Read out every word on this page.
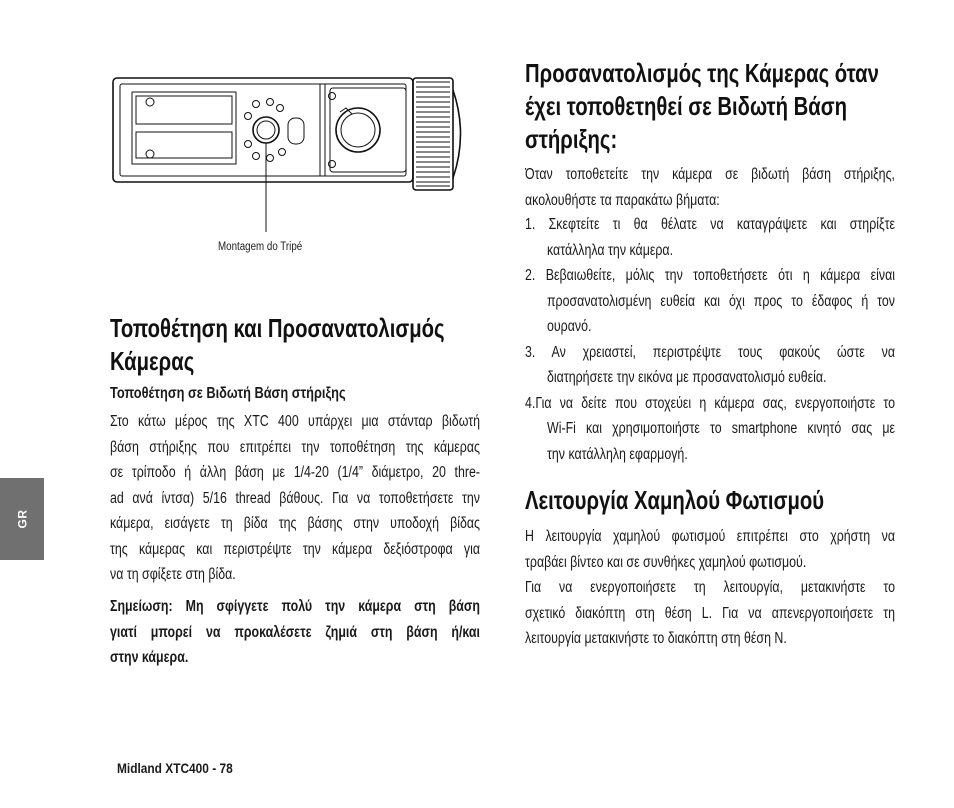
Montagem do Tripé
Τοποθέτηση και Προσανατολισμός
Κάμερας
Τοποθέτηση σε Βιδωτή Βάση στήριξης
Στο κάτω μέρος της XTC 400 υπάρχει μια στάνταρ βιδωτή
βάση στήριξης που επιτρέπει την τοποθέτηση της κάμερας
σε τρίποδο ή άλλη βάση με 1/4-20 (1/4” διάμετρο, 20 thre-
ad ανά ίντσα) 5/16 thread βάθους. Για να τοποθετήσετε την
κάμερα, εισάγετε τη βίδα της βάσης στην υποδοχή βίδας
της κάμερας και περιστρέψτε την κάμερα δεξιόστροφα για
να τη σφίξετε στη βίδα.
Σημείωση: Μη σφίγγετε πολύ την κάμερα στη βάση
γιατί μπορεί να προκαλέσετε ζημιά στη βάση ή/και
στην κάμερα.
Προσανατολισμός της Κάμερας όταν
έχει τοποθετηθεί σε Βιδωτή Βάση
στήριξης:
Όταν τοποθετείτε την κάμερα σε βιδωτή βάση στήριξης,
ακολουθήστε τα παρακάτω βήματα:
1. Σκεφτείτε τι θα θέλατε να καταγράψετε και στηρίξτε
κατάλληλα την κάμερα.
2. Βεβαιωθείτε, μόλις την τοποθετήσετε ότι η κάμερα είναι
προσανατολισμένη ευθεία και όχι προς το έδαφος ή τον
ουρανό.
3. Αν χρειαστεί, περιστρέψτε τους φακούς ώστε να
διατηρήσετε την εικόνα με προσανατολισμό ευθεία.
4.Για να δείτε που στοχεύει η κάμερα σας, ενεργοποιήστε το
Wi-Fi και χρησιμοποιήστε το smartphone κινητό σας με
την κατάλληλη εφαρμογή.
Λειτουργία Χαμηλού Φωτισμού
Η λειτουργία χαμηλού φωτισμού επιτρέπει στο χρήστη να
τραβάει βίντεο και σε συνθήκες χαμηλού φωτισμού.
Για να ενεργοποιήσετε τη λειτουργία, μετακινήστε το
σχετικό διακόπτη στη θέση L. Για να απενεργοποιήσετε τη
λειτουργία μετακινήστε το διακόπτη στη θέση N.
GR
Midland XTC400 - 78
